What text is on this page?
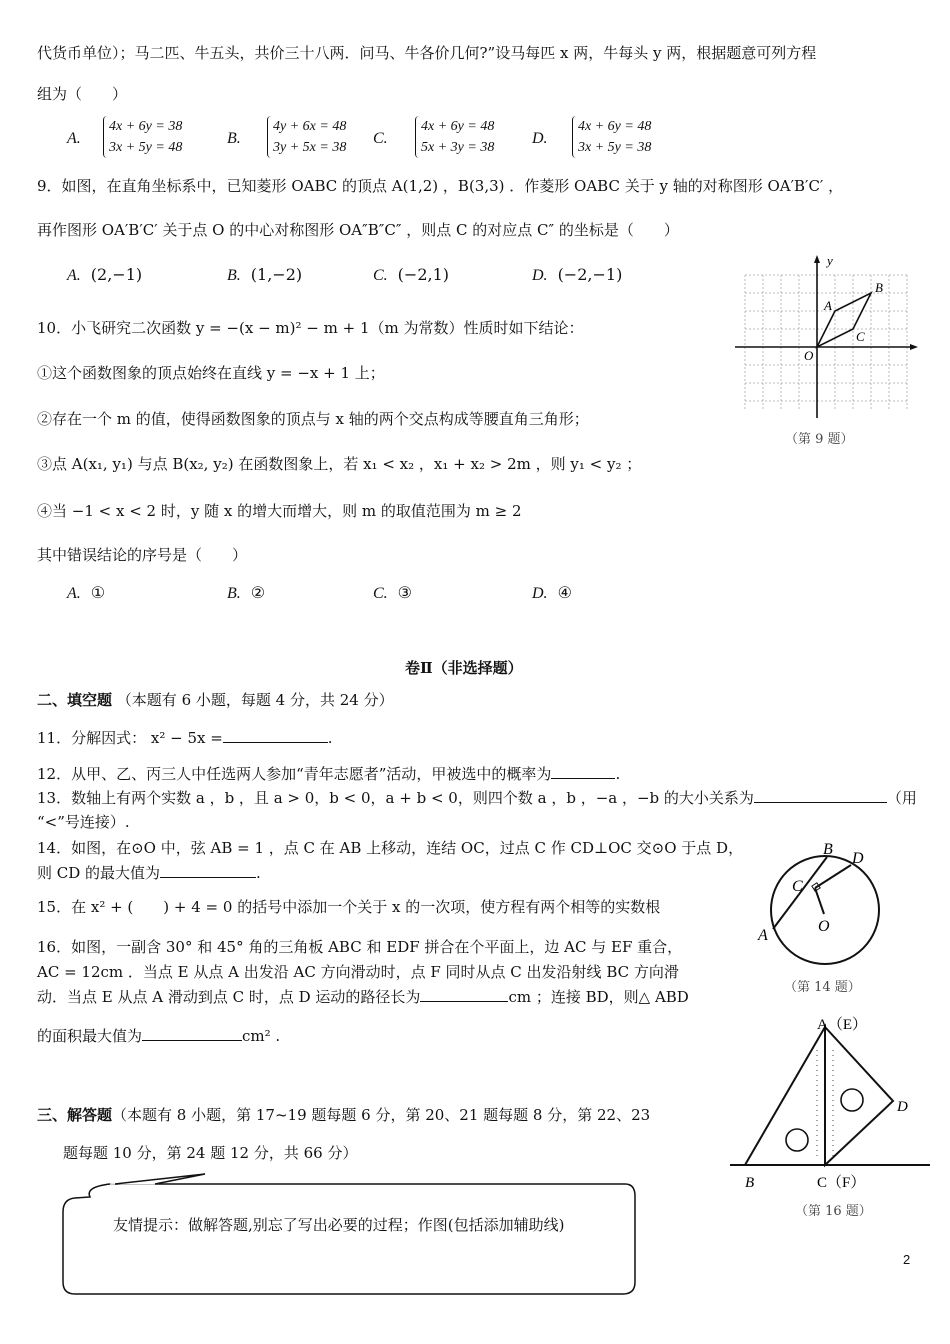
代货币单位）；马二匹、牛五头，共价三十八两．问马、牛各价几何?”设马每匹 x 两，牛每头 y 两，根据题意可列方程
组为（　　）
A.
4x + 6y = 38
3x + 5y = 48
B.
4y + 6x = 48
3y + 5x = 38
C.
4x + 6y = 48
5x + 3y = 38
D.
4x + 6y = 48
3x + 5y = 38
9．如图，在直角坐标系中，已知菱形 OABC 的顶点 A(1,2) ，B(3,3) ．作菱形 OABC 关于 y 轴的对称图形 OA′B′C′ ，
再作图形 OA′B′C′ 关于点 O 的中心对称图形 OA″B″C″ ，则点 C 的对应点 C″ 的坐标是（　　）
A. (2,−1)	B. (1,−2)	C. (−2,1)	D. (−2,−1)
y
A
B
C
O
（第 9 题）
10．小飞研究二次函数 y = −(x − m)² − m + 1（m 为常数）性质时如下结论：
①这个函数图象的顶点始终在直线 y = −x + 1 上；
②存在一个 m 的值，使得函数图象的顶点与 x 轴的两个交点构成等腰直角三角形；
③点 A(x₁, y₁) 与点 B(x₂, y₂) 在函数图象上，若 x₁ < x₂ ，x₁ + x₂ > 2m ，则 y₁ < y₂ ；
④当 −1 < x < 2 时，y 随 x 的增大而增大，则 m 的取值范围为 m ≥ 2
其中错误结论的序号是（　　）
A. ①	B. ②	C. ③	D. ④
卷Ⅱ（非选择题）
二、填空题 （本题有 6 小题，每题 4 分，共 24 分）
11．分解因式： x² − 5x =	.
12．从甲、乙、丙三人中任选两人参加“青年志愿者”活动，甲被选中的概率为	.
13．数轴上有两个实数 a ，b ，且 a > 0，b < 0，a + b < 0，则四个数 a ，b ，−a ，−b 的大小关系为	（用
“<”号连接）.
14．如图，在⊙O 中，弦 AB = 1 ，点 C 在 AB 上移动，连结 OC，过点 C 作 CD⊥OC 交⊙O 于点 D，
则 CD 的最大值为	.
A
B
C
D
O
（第 14 题）
15．在 x² + (　　) + 4 = 0 的括号中添加一个关于 x 的一次项，使方程有两个相等的实数根
16．如图，一副含 30° 和 45° 角的三角板 ABC 和 EDF 拼合在个平面上，边 AC 与 EF 重合，
AC = 12cm ．当点 E 从点 A 出发沿 AC 方向滑动时，点 F 同时从点 C 出发沿射线 BC 方向滑
动．当点 E 从点 A 滑动到点 C 时，点 D 运动的路径长为	cm ；连接 BD，则△ ABD
的面积最大值为	cm² .
A（E）
B	C（F）
D
（第 16 题）
三、解答题（本题有 8 小题，第 17~19 题每题 6 分，第 20、21 题每题 8 分，第 22、23
题每题 10 分，第 24 题 12 分，共 66 分）
友情提示：做解答题,别忘了写出必要的过程；作图(包括添加辅助线)
2
